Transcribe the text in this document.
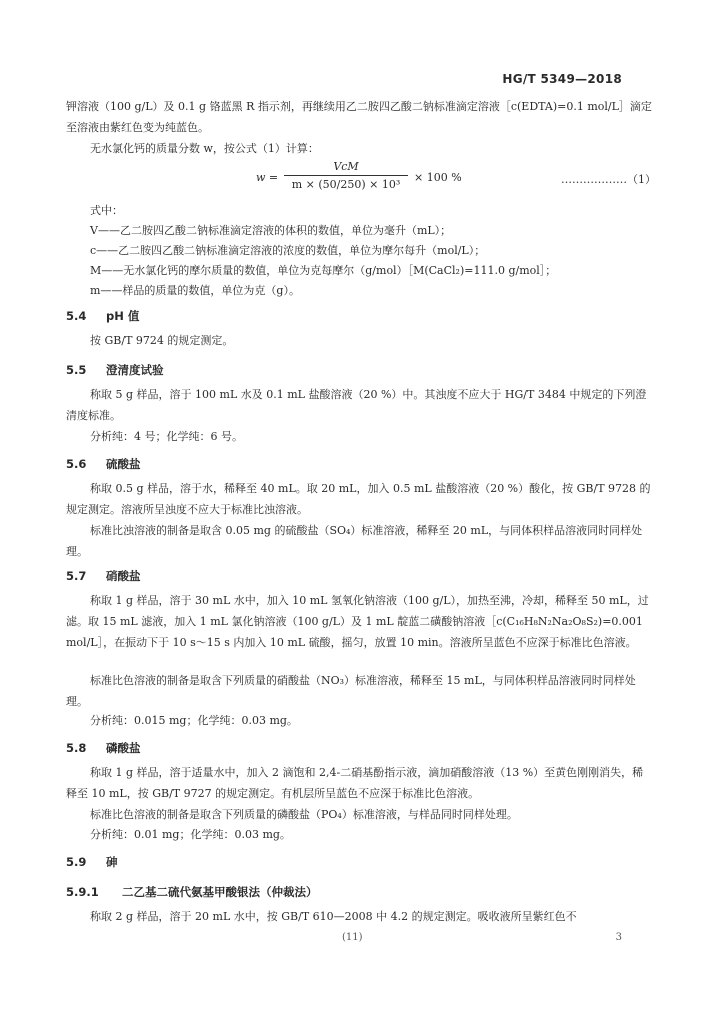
HG/T 5349—2018
钾溶液（100 g/L）及 0.1 g 铬蓝黑 R 指示剂，再继续用乙二胺四乙酸二钠标准滴定溶液［c(EDTA)=0.1 mol/L］滴定至溶液由紫红色变为纯蓝色。
无水氯化钙的质量分数 w，按公式（1）计算：
w =
VcM
m × (50/250) × 10³
× 100 %	………………（1）
式中：
V——乙二胺四乙酸二钠标准滴定溶液的体积的数值，单位为毫升（mL）；
c——乙二胺四乙酸二钠标准滴定溶液的浓度的数值，单位为摩尔每升（mol/L）；
M——无水氯化钙的摩尔质量的数值，单位为克每摩尔（g/mol）［M(CaCl₂)=111.0 g/mol］；
m——样品的质量的数值，单位为克（g）。
5.4 pH 值
按 GB/T 9724 的规定测定。
5.5 澄清度试验
称取 5 g 样品，溶于 100 mL 水及 0.1 mL 盐酸溶液（20 %）中。其浊度不应大于 HG/T 3484 中规定的下列澄清度标准。
分析纯：4 号；化学纯：6 号。
5.6 硫酸盐
称取 0.5 g 样品，溶于水，稀释至 40 mL。取 20 mL，加入 0.5 mL 盐酸溶液（20 %）酸化，按 GB/T 9728 的规定测定。溶液所呈浊度不应大于标准比浊溶液。
标准比浊溶液的制备是取含 0.05 mg 的硫酸盐（SO₄）标准溶液，稀释至 20 mL，与同体积样品溶液同时同样处理。
5.7 硝酸盐
称取 1 g 样品，溶于 30 mL 水中，加入 10 mL 氢氧化钠溶液（100 g/L），加热至沸，冷却，稀释至 50 mL，过滤。取 15 mL 滤液，加入 1 mL 氯化钠溶液（100 g/L）及 1 mL 靛蓝二磺酸钠溶液［c(C₁₆H₈N₂Na₂O₈S₂)=0.001 mol/L］，在振动下于 10 s～15 s 内加入 10 mL 硫酸，摇匀，放置 10 min。溶液所呈蓝色不应深于标准比色溶液。
标准比色溶液的制备是取含下列质量的硝酸盐（NO₃）标准溶液，稀释至 15 mL，与同体积样品溶液同时同样处理。
分析纯：0.015 mg；化学纯：0.03 mg。
5.8 磷酸盐
称取 1 g 样品，溶于适量水中，加入 2 滴饱和 2,4-二硝基酚指示液，滴加硝酸溶液（13 %）至黄色刚刚消失，稀释至 10 mL，按 GB/T 9727 的规定测定。有机层所呈蓝色不应深于标准比色溶液。
标准比色溶液的制备是取含下列质量的磷酸盐（PO₄）标准溶液，与样品同时同样处理。
分析纯：0.01 mg；化学纯：0.03 mg。
5.9 砷
5.9.1 二乙基二硫代氨基甲酸银法（仲裁法）
称取 2 g 样品，溶于 20 mL 水中，按 GB/T 610—2008 中 4.2 的规定测定。吸收液所呈紫红色不
(11)	3
